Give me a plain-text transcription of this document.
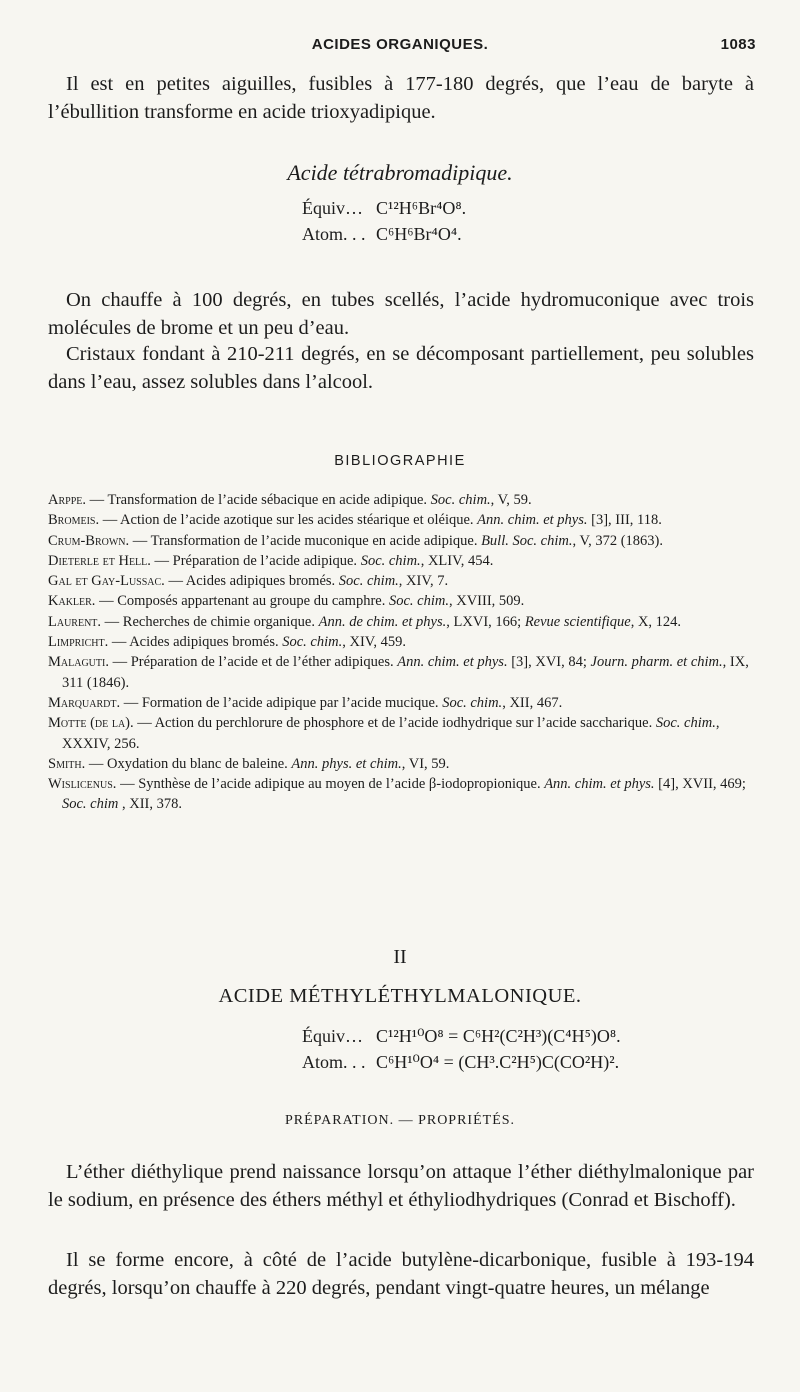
ACIDES ORGANIQUES.	1083

Il est en petites aiguilles, fusibles à 177-180 degrés, que l’eau de baryte à l’ébullition transforme en acide trioxyadipique.

Acide tétrabromadipique.
Équiv… C¹²H⁶Br⁴O⁸.
Atom. . . C⁶H⁶Br⁴O⁴.

On chauffe à 100 degrés, en tubes scellés, l’acide hydromuconique avec trois molécules de brome et un peu d’eau.

Cristaux fondant à 210-211 degrés, en se décomposant partiellement, peu solubles dans l’eau, assez solubles dans l’alcool.

BIBLIOGRAPHIE

Arppe. — Transformation de l’acide sébacique en acide adipique. Soc. chim., V, 59.

Bromeis. — Action de l’acide azotique sur les acides stéarique et oléique. Ann. chim. et phys. [3], III, 118.

Crum-Brown. — Transformation de l’acide muconique en acide adipique. Bull. Soc. chim., V, 372 (1863).

Dieterle et Hell. — Préparation de l’acide adipique. Soc. chim., XLIV, 454.

Gal et Gay-Lussac. — Acides adipiques bromés. Soc. chim., XIV, 7.

Kakler. — Composés appartenant au groupe du camphre. Soc. chim., XVIII, 509.

Laurent. — Recherches de chimie organique. Ann. de chim. et phys., LXVI, 166; Revue scientifique, X, 124.

Limpricht. — Acides adipiques bromés. Soc. chim., XIV, 459.

Malaguti. — Préparation de l’acide et de l’éther adipiques. Ann. chim. et phys. [3], XVI, 84; Journ. pharm. et chim., IX, 311 (1846).

Marquardt. — Formation de l’acide adipique par l’acide mucique. Soc. chim., XII, 467.

Motte (de la). — Action du perchlorure de phosphore et de l’acide iodhydrique sur l’acide saccharique. Soc. chim., XXXIV, 256.

Smith. — Oxydation du blanc de baleine. Ann. phys. et chim., VI, 59.

Wislicenus. — Synthèse de l’acide adipique au moyen de l’acide β-iodopropionique. Ann. chim. et phys. [4], XVII, 469; Soc. chim , XII, 378.

II
ACIDE MÉTHYLÉTHYLMALONIQUE.
Équiv… C¹²H¹⁰O⁸ = C⁶H²(C²H³)(C⁴H⁵)O⁸.
Atom. . . C⁶H¹⁰O⁴ = (CH³.C²H⁵)C(CO²H)².
PRÉPARATION. — PROPRIÉTÉS.

L’éther diéthylique prend naissance lorsqu’on attaque l’éther diéthylmalonique par le sodium, en présence des éthers méthyl et éthyliodhydriques (Conrad et Bischoff).

Il se forme encore, à côté de l’acide butylène-dicarbonique, fusible à 193-194 degrés, lorsqu’on chauffe à 220 degrés, pendant vingt-quatre heures, un mélange
